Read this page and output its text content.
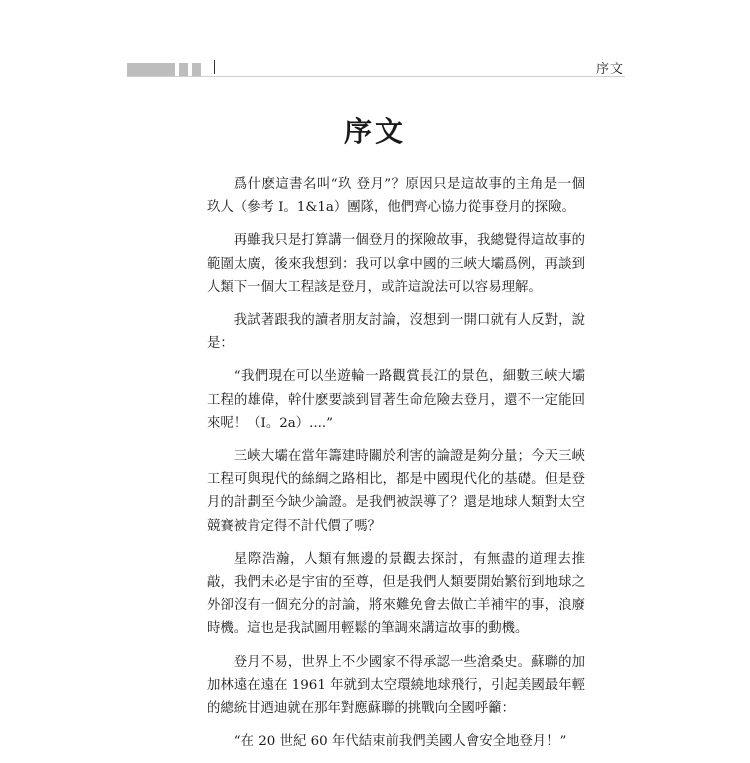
序文
序文

爲什麽這書名叫“玖 登月”？原因只是這故事的主角是一個玖人（參考 I。1&1a）團隊，他們齊心協力從事登月的探險。

再雖我只是打算講一個登月的探險故事，我總覺得這故事的範圍太廣，後來我想到：我可以拿中國的三峽大壩爲例，再談到人類下一個大工程該是登月，或許這說法可以容易理解。

我試著跟我的讀者朋友討論，沒想到一開口就有人反對，說是：

“我們現在可以坐遊輪一路觀賞長江的景色，細數三峽大壩工程的雄偉，幹什麽要談到冒著生命危險去登月，還不一定能回來呢！（I。2a）....”

三峽大壩在當年籌建時關於利害的論證是夠分量；今天三峽工程可與現代的絲綢之路相比，都是中國現代化的基礎。但是登月的計劃至今缺少論證。是我們被誤導了？還是地球人類對太空競賽被肯定得不計代價了嗎？

星際浩瀚，人類有無邊的景觀去探討，有無盡的道理去推敲，我們未必是宇宙的至尊，但是我們人類要開始繁衍到地球之外卻沒有一個充分的討論，將來難免會去做亡羊補牢的事，浪廢時機。這也是我試圖用輕鬆的筆調來講這故事的動機。

登月不易，世界上不少國家不得承認一些滄桑史。蘇聯的加加林遠在遠在 1961 年就到太空環繞地球飛行，引起美國最年輕的總統甘迺迪就在那年對應蘇聯的挑戰向全國呼籲：

“在 20 世紀 60 年代結束前我們美國人會安全地登月！”
